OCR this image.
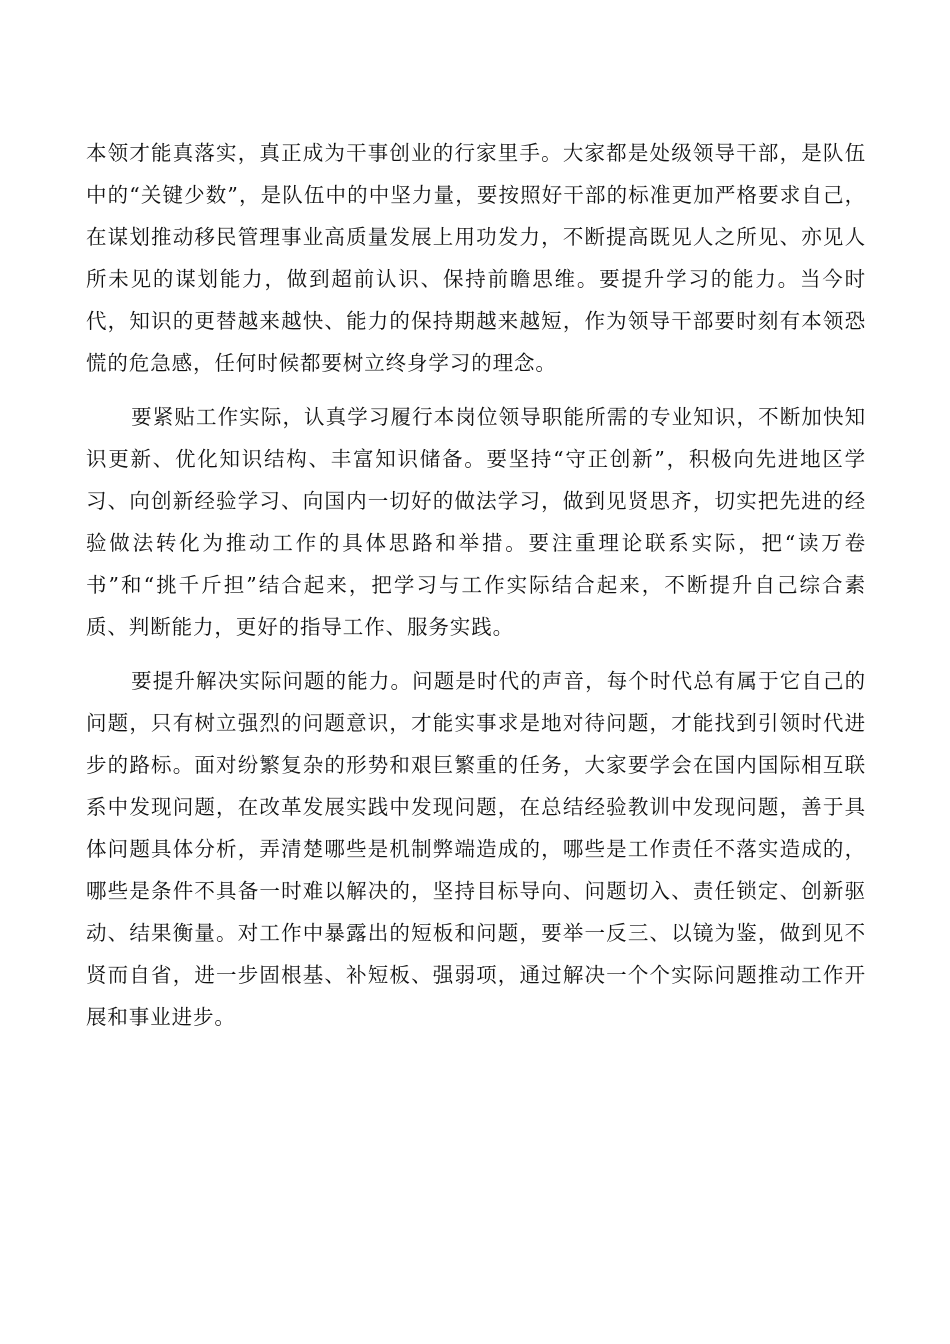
本领才能真落实，真正成为干事创业的行家里手。大家都是处级领导干部，是队伍中的“关键少数”，是队伍中的中坚力量，要按照好干部的标准更加严格要求自己，在谋划推动移民管理事业高质量发展上用功发力，不断提高既见人之所见、亦见人所未见的谋划能力，做到超前认识、保持前瞻思维。要提升学习的能力。当今时代，知识的更替越来越快、能力的保持期越来越短，作为领导干部要时刻有本领恐慌的危急感，任何时候都要树立终身学习的理念。

要紧贴工作实际，认真学习履行本岗位领导职能所需的专业知识，不断加快知识更新、优化知识结构、丰富知识储备。要坚持“守正创新”，积极向先进地区学习、向创新经验学习、向国内一切好的做法学习，做到见贤思齐，切实把先进的经验做法转化为推动工作的具体思路和举措。要注重理论联系实际，把“读万卷书”和“挑千斤担”结合起来，把学习与工作实际结合起来，不断提升自己综合素质、判断能力，更好的指导工作、服务实践。

要提升解决实际问题的能力。问题是时代的声音，每个时代总有属于它自己的问题，只有树立强烈的问题意识，才能实事求是地对待问题，才能找到引领时代进步的路标。面对纷繁复杂的形势和艰巨繁重的任务，大家要学会在国内国际相互联系中发现问题，在改革发展实践中发现问题，在总结经验教训中发现问题，善于具体问题具体分析，弄清楚哪些是机制弊端造成的，哪些是工作责任不落实造成的，哪些是条件不具备一时难以解决的，坚持目标导向、问题切入、责任锁定、创新驱动、结果衡量。对工作中暴露出的短板和问题，要举一反三、以镜为鉴，做到见不贤而自省，进一步固根基、补短板、强弱项，通过解决一个个实际问题推动工作开展和事业进步。
